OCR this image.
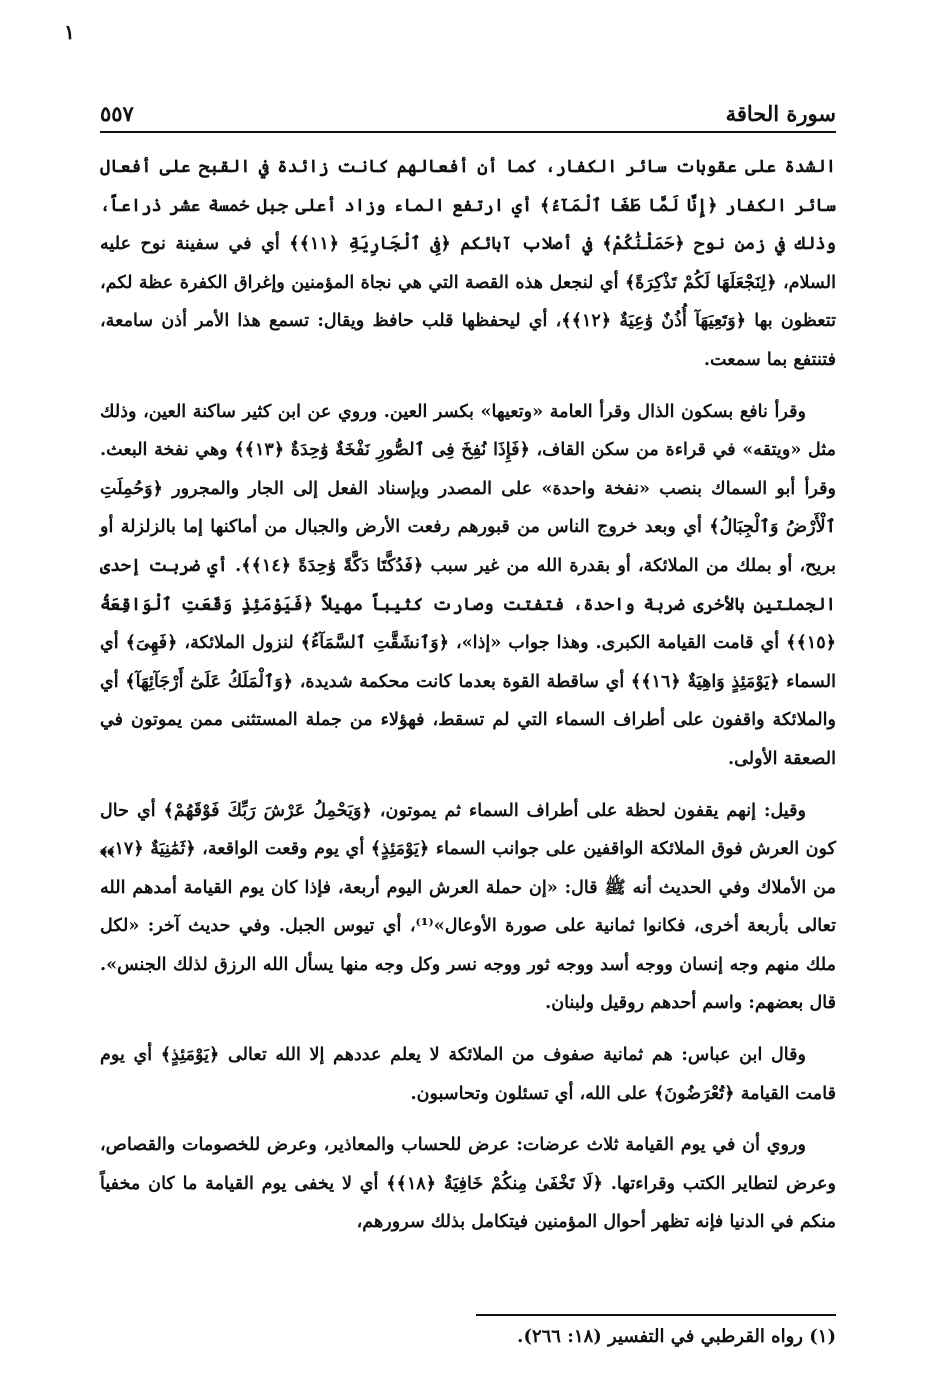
١
سورة الحاقة
٥٥٧

الشدة على عقوبات سائر الكفار، كما أن أفعالهم كانت زائدة في القبح على أفعال سائر الكفار ﴿إِنَّا لَمَّا طَغَا ٱلْمَآءُ﴾ أي ارتفع الماء وزاد أعلى جبل خمسة عشر ذراعاً، وذلك في زمن نوح ﴿حَمَلْنَٰكُمْ﴾ في أصلاب آبائكم ﴿فِى ٱلْجَارِيَةِ ﴿١١﴾﴾ أي في سفينة نوح عليه السلام، ﴿لِنَجْعَلَهَا لَكُمْ تَذْكِرَةً﴾ أي لنجعل هذه القصة التي هي نجاة المؤمنين وإغراق الكفرة عظة لكم، تتعظون بها ﴿وَتَعِيَهَآ أُذُنٌ وَٰعِيَةٌ ﴿١٢﴾﴾، أي ليحفظها قلب حافظ ويقال: تسمع هذا الأمر أذن سامعة، فتنتفع بما سمعت.

وقرأ نافع بسكون الذال وقرأ العامة «وتعيها» بكسر العين. وروي عن ابن كثير ساكنة العين، وذلك مثل «ويتقه» في قراءة من سكن القاف، ﴿فَإِذَا نُفِخَ فِى ٱلصُّورِ نَفْخَةٌ وَٰحِدَةٌ ﴿١٣﴾﴾ وهي نفخة البعث. وقرأ أبو السماك بنصب «نفخة واحدة» على المصدر وبإسناد الفعل إلى الجار والمجرور ﴿وَحُمِلَتِ ٱلْأَرْضُ وَٱلْجِبَالُ﴾ أي وبعد خروج الناس من قبورهم رفعت الأرض والجبال من أماكنها إما بالزلزلة أو بريح، أو بملك من الملائكة، أو بقدرة الله من غير سبب ﴿فَدُكَّتَا دَكَّةً وَٰحِدَةً ﴿١٤﴾﴾. أي ضربت إحدى الجملتين بالأخرى ضربة واحدة، فتفتت وصارت كثيباً مهيلاً ﴿فَيَوْمَئِذٍ وَقَعَتِ ٱلْوَاقِعَةُ ﴿١٥﴾﴾ أي قامت القيامة الكبرى. وهذا جواب «إذا»، ﴿وَٱنشَقَّتِ ٱلسَّمَآءُ﴾ لنزول الملائكة، ﴿فَهِىَ﴾ أي السماء ﴿يَوْمَئِذٍ وَاهِيَةٌ ﴿١٦﴾﴾ أي ساقطة القوة بعدما كانت محكمة شديدة، ﴿وَٱلْمَلَكُ عَلَىٰٓ أَرْجَآئِهَآ﴾ أي والملائكة واقفون على أطراف السماء التي لم تسقط، فهؤلاء من جملة المستثنى ممن يموتون في الصعقة الأولى.

وقيل: إنهم يقفون لحظة على أطراف السماء ثم يموتون، ﴿وَيَحْمِلُ عَرْشَ رَبِّكَ فَوْقَهُمْ﴾ أي حال كون العرش فوق الملائكة الواقفين على جوانب السماء ﴿يَوْمَئِذٍ﴾ أي يوم وقعت الواقعة، ﴿ثَمَٰنِيَةٌ ﴿١٧﴾﴾ من الأملاك وفي الحديث أنه ﷺ قال: «إن حملة العرش اليوم أربعة، فإذا كان يوم القيامة أمدهم الله تعالى بأربعة أخرى، فكانوا ثمانية على صورة الأوعال»⁽¹⁾، أي تيوس الجبل. وفي حديث آخر: «لكل ملك منهم وجه إنسان ووجه أسد ووجه ثور ووجه نسر وكل وجه منها يسأل الله الرزق لذلك الجنس». قال بعضهم: واسم أحدهم روقيل ولبنان.

وقال ابن عباس: هم ثمانية صفوف من الملائكة لا يعلم عددهم إلا الله تعالى ﴿يَوْمَئِذٍ﴾ أي يوم قامت القيامة ﴿تُعْرَضُونَ﴾ على الله، أي تسئلون وتحاسبون.

وروي أن في يوم القيامة ثلاث عرضات: عرض للحساب والمعاذير، وعرض للخصومات والقصاص، وعرض لتطاير الكتب وقراءتها. ﴿لَا تَخْفَىٰ مِنكُمْ خَافِيَةٌ ﴿١٨﴾﴾ أي لا يخفى يوم القيامة ما كان مخفياً منكم في الدنيا فإنه تظهر أحوال المؤمنين فيتكامل بذلك سرورهم،

(١) رواه القرطبي في التفسير (١٨: ٢٦٦).
